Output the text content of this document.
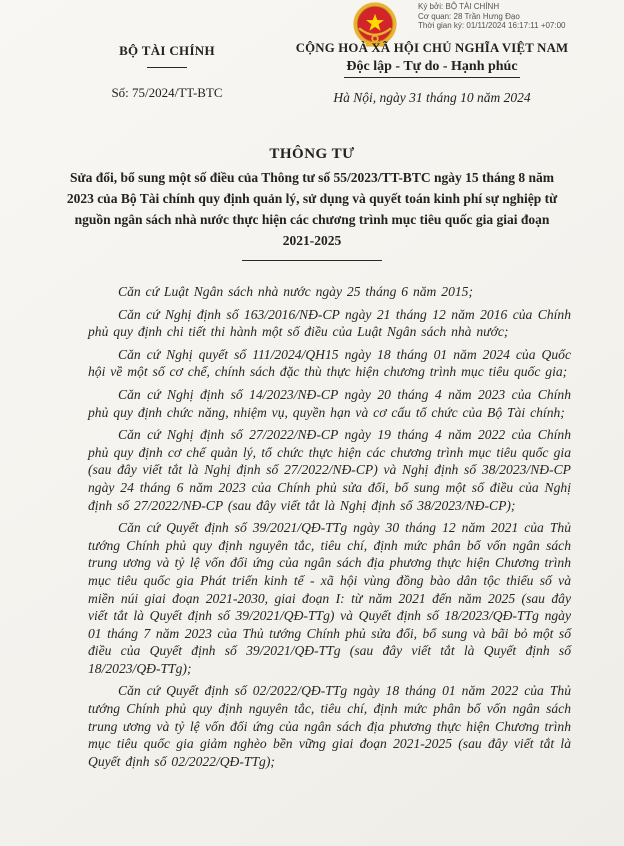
Ký bởi: BỘ TÀI CHÍNH
Cơ quan: 28 Trần Hưng Đạo
Thời gian ký: 01/11/2024 16:17:11 +07:00
BỘ TÀI CHÍNH
Số: 75/2024/TT-BTC
CỘNG HOÀ XÃ HỘI CHỦ NGHĨA VIỆT NAM
Độc lập - Tự do - Hạnh phúc
Hà Nội, ngày 31 tháng 10 năm 2024
THÔNG TƯ
Sửa đổi, bổ sung một số điều của Thông tư số 55/2023/TT-BTC ngày 15 tháng 8 năm 2023 của Bộ Tài chính quy định quản lý, sử dụng và quyết toán kinh phí sự nghiệp từ nguồn ngân sách nhà nước thực hiện các chương trình mục tiêu quốc gia giai đoạn 2021-2025

Căn cứ Luật Ngân sách nhà nước ngày 25 tháng 6 năm 2015;

Căn cứ Nghị định số 163/2016/NĐ-CP ngày 21 tháng 12 năm 2016 của Chính phủ quy định chi tiết thi hành một số điều của Luật Ngân sách nhà nước;

Căn cứ Nghị quyết số 111/2024/QH15 ngày 18 tháng 01 năm 2024 của Quốc hội về một số cơ chế, chính sách đặc thù thực hiện chương trình mục tiêu quốc gia;

Căn cứ Nghị định số 14/2023/NĐ-CP ngày 20 tháng 4 năm 2023 của Chính phủ quy định chức năng, nhiệm vụ, quyền hạn và cơ cấu tổ chức của Bộ Tài chính;

Căn cứ Nghị định số 27/2022/NĐ-CP ngày 19 tháng 4 năm 2022 của Chính phủ quy định cơ chế quản lý, tổ chức thực hiện các chương trình mục tiêu quốc gia (sau đây viết tắt là Nghị định số 27/2022/NĐ-CP) và Nghị định số 38/2023/NĐ-CP ngày 24 tháng 6 năm 2023 của Chính phủ sửa đổi, bổ sung một số điều của Nghị định số 27/2022/NĐ-CP (sau đây viết tắt là Nghị định số 38/2023/NĐ-CP);

Căn cứ Quyết định số 39/2021/QĐ-TTg ngày 30 tháng 12 năm 2021 của Thủ tướng Chính phủ quy định nguyên tắc, tiêu chí, định mức phân bổ vốn ngân sách trung ương và tỷ lệ vốn đối ứng của ngân sách địa phương thực hiện Chương trình mục tiêu quốc gia Phát triển kinh tế - xã hội vùng đồng bào dân tộc thiểu số và miền núi giai đoạn 2021-2030, giai đoạn I: từ năm 2021 đến năm 2025 (sau đây viết tắt là Quyết định số 39/2021/QĐ-TTg) và Quyết định số 18/2023/QĐ-TTg ngày 01 tháng 7 năm 2023 của Thủ tướng Chính phủ sửa đổi, bổ sung và bãi bỏ một số điều của Quyết định số 39/2021/QĐ-TTg (sau đây viết tắt là Quyết định số 18/2023/QĐ-TTg);

Căn cứ Quyết định số 02/2022/QĐ-TTg ngày 18 tháng 01 năm 2022 của Thủ tướng Chính phủ quy định nguyên tắc, tiêu chí, định mức phân bổ vốn ngân sách trung ương và tỷ lệ vốn đối ứng của ngân sách địa phương thực hiện Chương trình mục tiêu quốc gia giảm nghèo bền vững giai đoạn 2021-2025 (sau đây viết tắt là Quyết định số 02/2022/QĐ-TTg);
